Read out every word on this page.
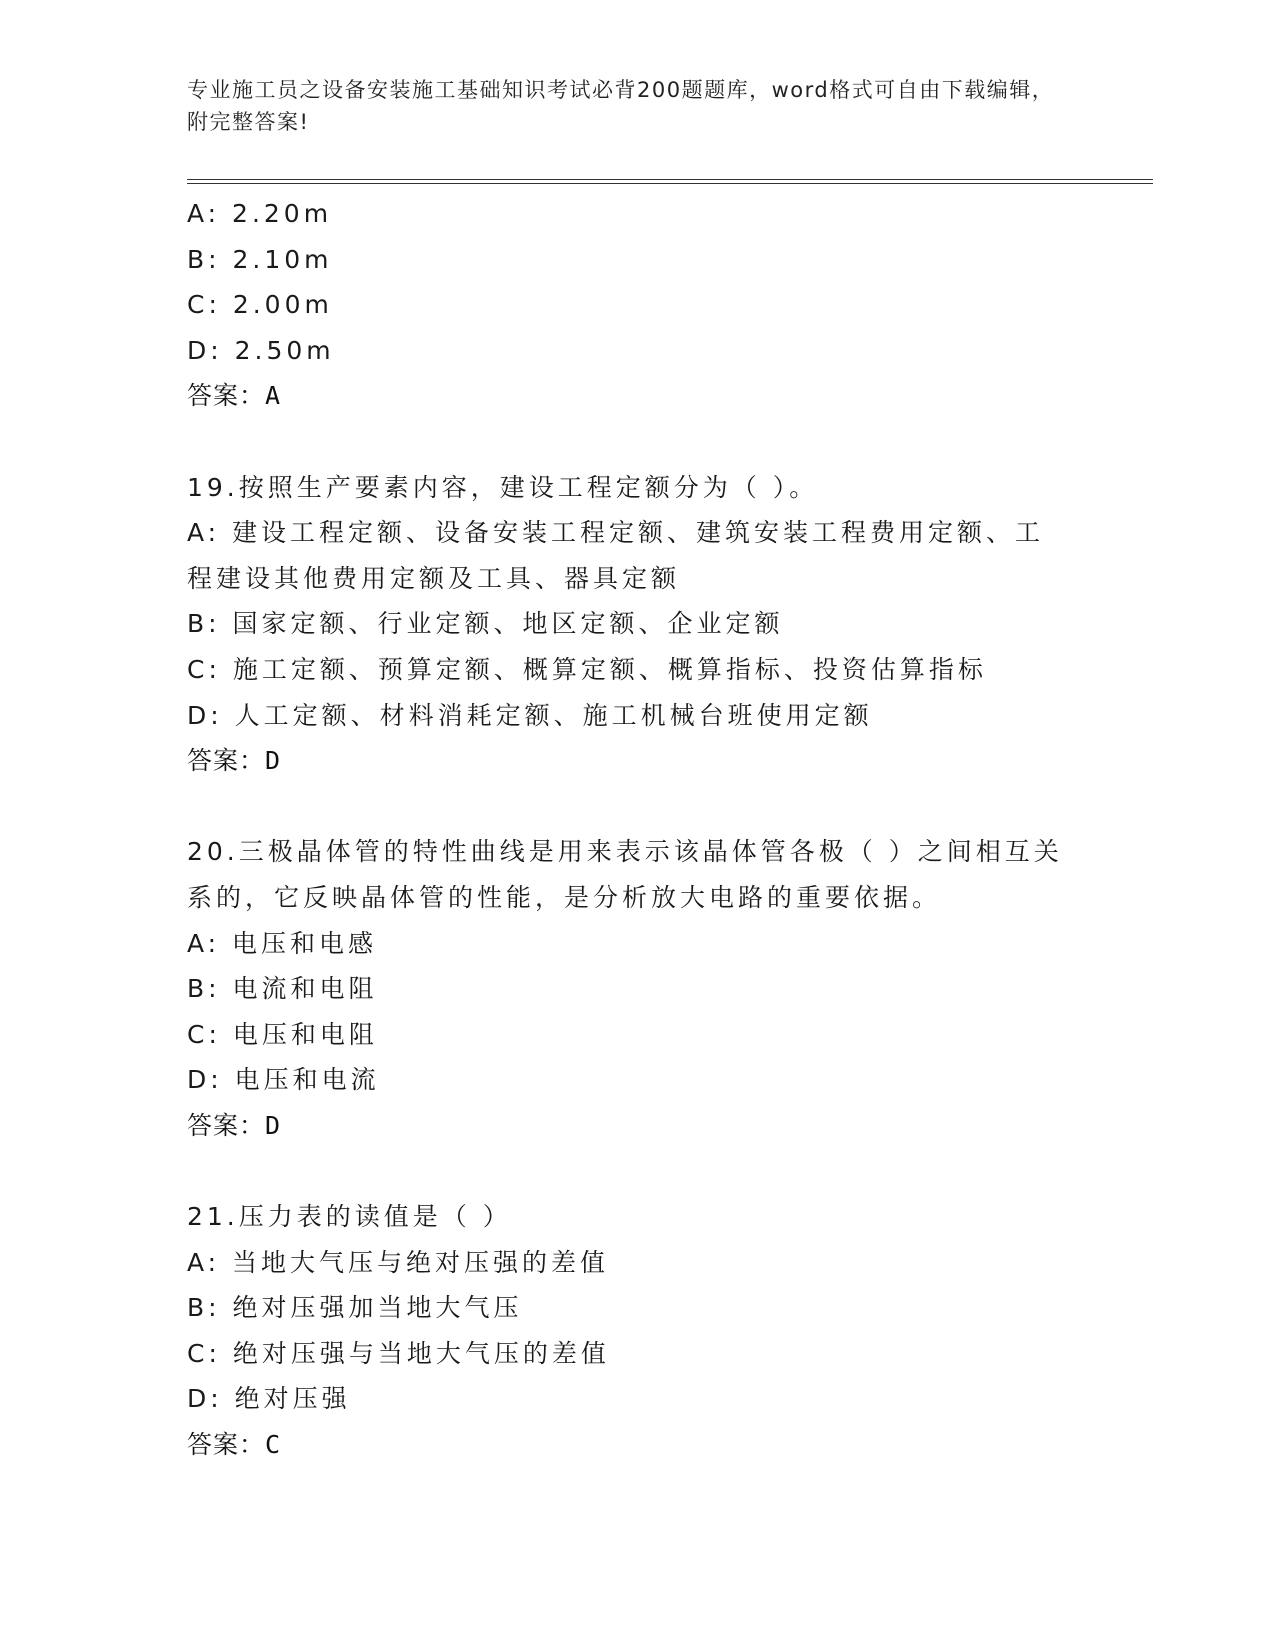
专业施工员之设备安装施工基础知识考试必背200题题库，word格式可自由下载编辑，附完整答案!
A: 2.20m
B: 2.10m
C: 2.00m
D: 2.50m
答案：A
19.按照生产要素内容，建设工程定额分为（ ）。
A: 建设工程定额、设备安装工程定额、建筑安装工程费用定额、工程建设其他费用定额及工具、器具定额
B: 国家定额、行业定额、地区定额、企业定额
C: 施工定额、预算定额、概算定额、概算指标、投资估算指标
D: 人工定额、材料消耗定额、施工机械台班使用定额
答案：D
20.三极晶体管的特性曲线是用来表示该晶体管各极（ ）之间相互关系的，它反映晶体管的性能，是分析放大电路的重要依据。
A: 电压和电感
B: 电流和电阻
C: 电压和电阻
D: 电压和电流
答案：D
21.压力表的读值是（ ）
A: 当地大气压与绝对压强的差值
B: 绝对压强加当地大气压
C: 绝对压强与当地大气压的差值
D: 绝对压强
答案：C
